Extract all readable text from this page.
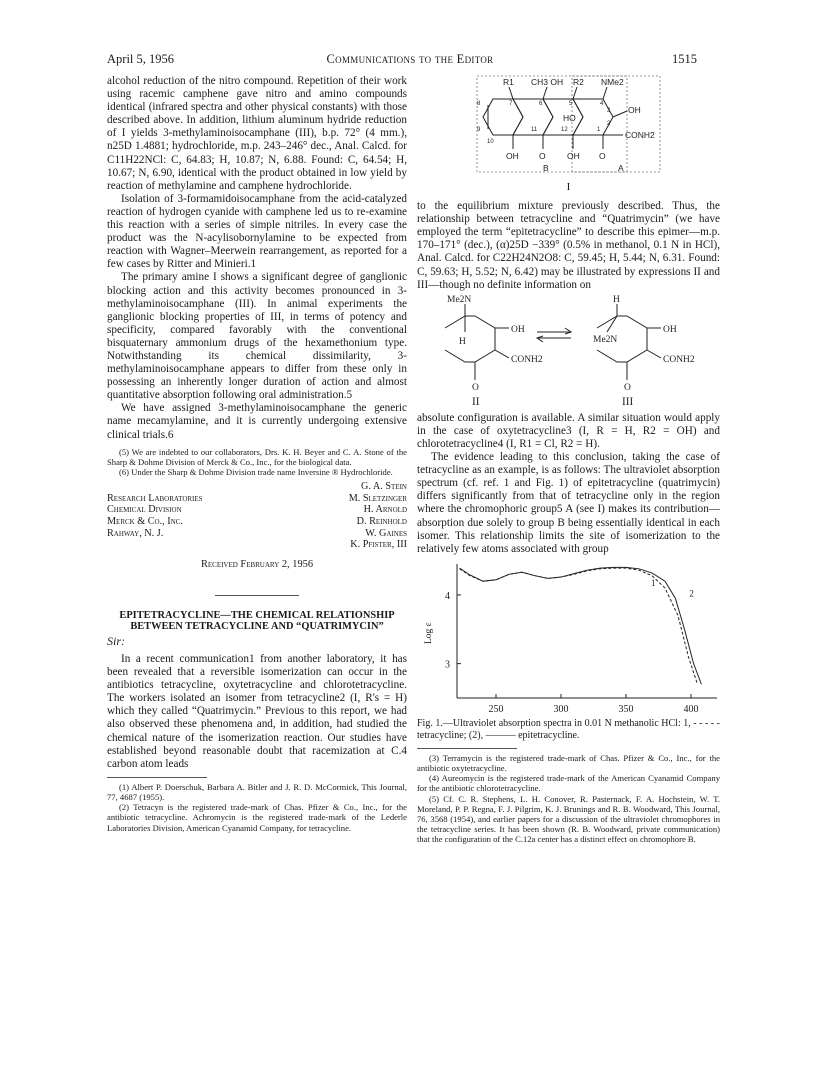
April 5, 1956	Communications to the Editor	1515

alcohol reduction of the nitro compound. Repetition of their work using racemic camphene gave nitro and amino compounds identical (infrared spectra and other physical constants) with those described above. In addition, lithium aluminum hydride reduction of I yields 3-methylaminoisocamphane (III), b.p. 72° (4 mm.), n25D 1.4881; hydrochloride, m.p. 243–246° dec., Anal. Calcd. for C11H22NCl: C, 64.83; H, 10.87; N, 6.88. Found: C, 64.54; H, 10.67; N, 6.90, identical with the product obtained in low yield by reaction of methylamine and camphene hydrochloride.

Isolation of 3-formamidoisocamphane from the acid-catalyzed reaction of hydrogen cyanide with camphene led us to re-examine this reaction with a series of simple nitriles. In every case the product was the N-acylisobornylamine to be expected from reaction with Wagner–Meerwein rearrangement, as reported for a few cases by Ritter and Minieri.1

The primary amine I shows a significant degree of ganglionic blocking action and this activity becomes pronounced in 3-methylaminoisocamphane (III). In animal experiments the ganglionic blocking properties of III, in terms of potency and specificity, compared favorably with the conventional bisquaternary ammonium drugs of the hexamethonium type. Notwithstanding its chemical dissimilarity, 3-methylaminoisocamphane appears to differ from these only in possessing an inherently longer duration of action and almost quantitative absorption following oral administration.5

We have assigned 3-methylaminoisocamphane the generic name mecamylamine, and it is currently undergoing extensive clinical trials.6

(5) We are indebted to our collaborators, Drs. K. H. Beyer and C. A. Stone of the Sharp & Dohme Division of Merck & Co., Inc., for the biological data.

(6) Under the Sharp & Dohme Division trade name Inversine ® Hydrochloride.

Research Laboratories
Chemical Division
Merck & Co., Inc.
Rahway, N. J.
G. A. Stein
M. Sletzinger
H. Arnold
D. Reinhold
W. Gaines
K. Pfister, III
Received February 2, 1956
EPITETRACYCLINE—THE CHEMICAL RELATIONSHIP BETWEEN TETRACYCLINE AND “QUATRIMYCIN”
Sir:

In a recent communication1 from another laboratory, it has been revealed that a reversible isomerization can occur in the antibiotics tetracycline, oxytetracycline and chlorotetracycline. The workers isolated an isomer from tetracycline2 (I, R's = H) which they called “Quatrimycin.” Previous to this report, we had also observed these phenomena and, in addition, had studied the chemical nature of the isomerization reaction. Our studies have established beyond reasonable doubt that racemization at C.4 carbon atom leads

(1) Albert P. Doerschuk, Barbara A. Bitler and J. R. D. McCormick, This Journal, 77, 4687 (1955).

(2) Tetracyn is the registered trade-mark of Chas. Pfizer & Co., Inc., for the antibiotic tetracycline. Achromycin is the registered trade-mark of the Lederle Laboratories Division, American Cyanamid Company, for tetracycline.

R1 CH3 OH R2 NMe2
OH
CONH2
HO
OH O	OH O
B	A
4
5
6
7
8
9
10
11	12	1
2
3
I

to the equilibrium mixture previously described. Thus, the relationship between tetracycline and “Quatrimycin” (we have employed the term “epitetracycline” to describe this epimer—m.p. 170–171° (dec.), (α)25D −339° (0.5% in methanol, 0.1 N in HCl), Anal. Calcd. for C22H24N2O8: C, 59.45; H, 5.44; N, 6.31. Found: C, 59.63; H, 5.52; N, 6.42) may be illustrated by expressions II and III—though no definite information on

Me2N
H
OH
CONH2
O
H
Me2N
OH
CONH2
O
II	III

absolute configuration is available. A similar situation would apply in the case of oxytetracycline3 (I, R = H, R2 = OH) and chlorotetracycline4 (I, R1 = Cl, R2 = H).

The evidence leading to this conclusion, taking the case of tetracycline as an example, is as follows: The ultraviolet absorption spectrum (cf. ref. 1 and Fig. 1) of epitetracycline (quatrimycin) differs significantly from that of tetracycline only in the region where the chromophoric group5 A (see I) makes its contribution—absorption due solely to group B being essentially identical in each isomer. This relationship limits the site of isomerization to the relatively few atoms associated with group

Log ε
250	300	350	400
4
3
1
2

Fig. 1.—Ultraviolet absorption spectra in 0.01 N methanolic HCl: 1, - - - - - tetracycline; (2), ——— epitetracycline.

(3) Terramycin is the registered trade-mark of Chas. Pfizer & Co., Inc., for the antibiotic oxytetracycline.

(4) Aureomycin is the registered trade-mark of the American Cyanamid Company for the antibiotic chlorotetracycline.

(5) Cf. C. R. Stephens, L. H. Conover, R. Pasternack, F. A. Hochstein, W. T. Moreland, P. P. Regna, F. J. Pilgrim, K. J. Brunings and R. B. Woodward, This Journal, 76, 3568 (1954), and earlier papers for a discussion of the ultraviolet chromophores in the tetracycline series. It has been shown (R. B. Woodward, private communication) that the configuration of the C.12a center has a distinct effect on chromophore B.
